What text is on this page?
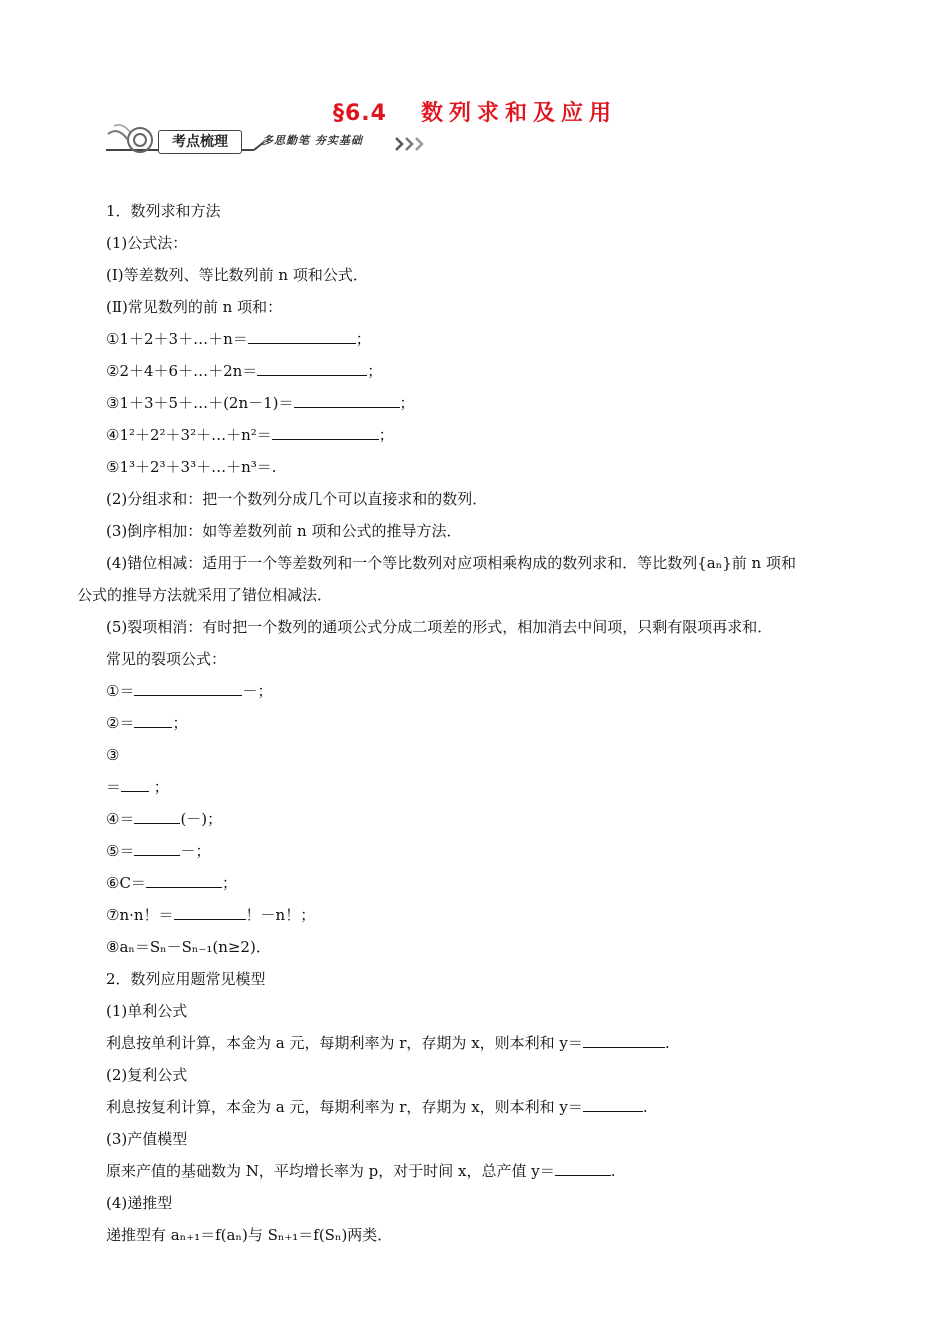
§6.4 数列求和及应用
考点梳理	多思勤笔 夯实基础
1．数列求和方法
(1)公式法：
(Ⅰ)等差数列、等比数列前 n 项和公式．
(Ⅱ)常见数列的前 n 项和：
①1＋2＋3＋…＋n＝	；
②2＋4＋6＋…＋2n＝	；
③1＋3＋5＋…＋(2n－1)＝	；
④1²＋2²＋3²＋…＋n²＝	；
⑤1³＋2³＋3³＋…＋n³＝.
(2)分组求和：把一个数列分成几个可以直接求和的数列．
(3)倒序相加：如等差数列前 n 项和公式的推导方法．
(4)错位相减：适用于一个等差数列和一个等比数列对应项相乘构成的数列求和．等比数列{aₙ}前 n 项和
公式的推导方法就采用了错位相减法．
(5)裂项相消：有时把一个数列的通项公式分成二项差的形式，相加消去中间项，只剩有限项再求和．
常见的裂项公式：
①＝	－；
②＝	；
③
＝ ；
④＝	(－)；
⑤＝	－；
⑥C＝	；
⑦n·n！＝	！－n！；
⑧aₙ＝Sₙ－Sₙ₋₁(n≥2)．
2．数列应用题常见模型
(1)单利公式
利息按单利计算，本金为 a 元，每期利率为 r，存期为 x，则本利和 y＝	.
(2)复利公式
利息按复利计算，本金为 a 元，每期利率为 r，存期为 x，则本利和 y＝	.
(3)产值模型
原来产值的基础数为 N，平均增长率为 p，对于时间 x，总产值 y＝	.
(4)递推型
递推型有 aₙ₊₁＝f(aₙ)与 Sₙ₊₁＝f(Sₙ)两类．
